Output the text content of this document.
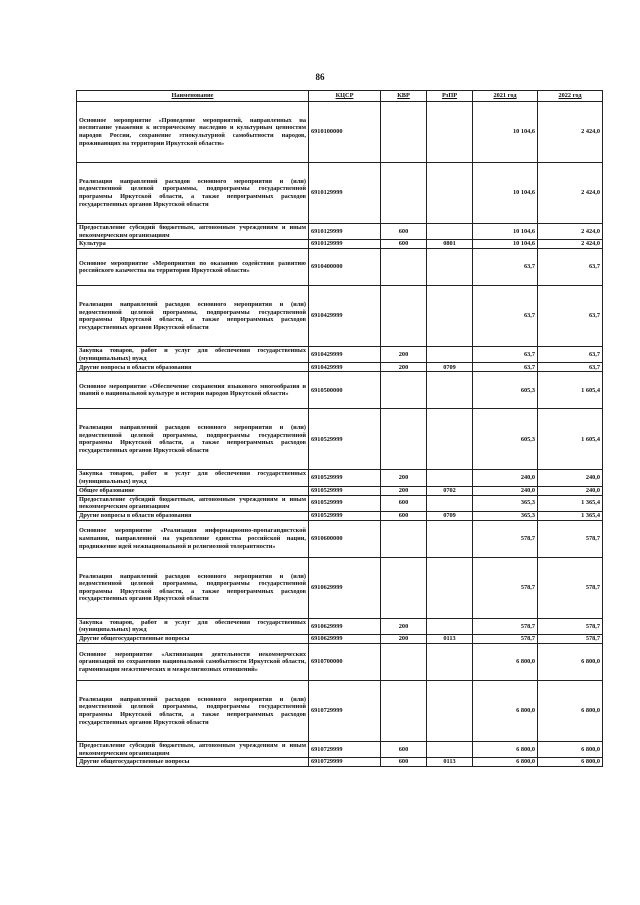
86
Наименование	КЦСР	КВР	РзПР	2021 год	2022 год
Основное мероприятие «Проведение мероприятий, направленных на воспитание уважения к историческому наследию и культурным ценностям народов России, сохранение этнокультурной самобытности народов, проживающих на территории Иркутской области»	6910100000			10 104,6	2 424,0
Реализация направлений расходов основного мероприятия и (или) ведомственной целевой программы, подпрограммы государственной программы Иркутской области, а также непрограммных расходов государственных органов Иркутской области	6910129999			10 104,6	2 424,0
Предоставление субсидий бюджетным, автономным учреждениям и иным некоммерческим организациям	6910129999	600		10 104,6	2 424,0
Культура	6910129999	600	0801	10 104,6	2 424,0
Основное мероприятие «Мероприятия по оказанию содействия развитию российского казачества на территории Иркутской области»	6910400000			63,7	63,7
Реализация направлений расходов основного мероприятия и (или) ведомственной целевой программы, подпрограммы государственной программы Иркутской области, а также непрограммных расходов государственных органов Иркутской области	6910429999			63,7	63,7
Закупка товаров, работ и услуг для обеспечения государственных (муниципальных) нужд	6910429999	200		63,7	63,7
Другие вопросы в области образования	6910429999	200	0709	63,7	63,7
Основное мероприятие «Обеспечение сохранения языкового многообразия и знаний о национальной культуре и истории народов Иркутской области»	6910500000			605,3	1 605,4
Реализация направлений расходов основного мероприятия и (или) ведомственной целевой программы, подпрограммы государственной программы Иркутской области, а также непрограммных расходов государственных органов Иркутской области	6910529999			605,3	1 605,4
Закупка товаров, работ и услуг для обеспечения государственных (муниципальных) нужд	6910529999	200		240,0	240,0
Общее образование	6910529999	200	0702	240,0	240,0
Предоставление субсидий бюджетным, автономным учреждениям и иным некоммерческим организациям	6910529999	600		365,3	1 365,4
Другие вопросы в области образования	6910529999	600	0709	365,3	1 365,4
Основное мероприятие «Реализация информационно-пропагандистской кампании, направленной на укрепление единства российской нации, продвижение идей межнациональной и религиозной толерантности»	6910600000			578,7	578,7
Реализация направлений расходов основного мероприятия и (или) ведомственной целевой программы, подпрограммы государственной программы Иркутской области, а также непрограммных расходов государственных органов Иркутской области	6910629999			578,7	578,7
Закупка товаров, работ и услуг для обеспечения государственных (муниципальных) нужд	6910629999	200		578,7	578,7
Другие общегосударственные вопросы	6910629999	200	0113	578,7	578,7
Основное мероприятие «Активизация деятельности некоммерческих организаций по сохранению национальной самобытности Иркутской области, гармонизации межэтнических и межрелигиозных отношений»	6910700000			6 800,0	6 800,0
Реализация направлений расходов основного мероприятия и (или) ведомственной целевой программы, подпрограммы государственной программы Иркутской области, а также непрограммных расходов государственных органов Иркутской области	6910729999			6 800,0	6 800,0
Предоставление субсидий бюджетным, автономным учреждениям и иным некоммерческим организациям	6910729999	600		6 800,0	6 800,0
Другие общегосударственные вопросы	6910729999	600	0113	6 800,0	6 800,0
